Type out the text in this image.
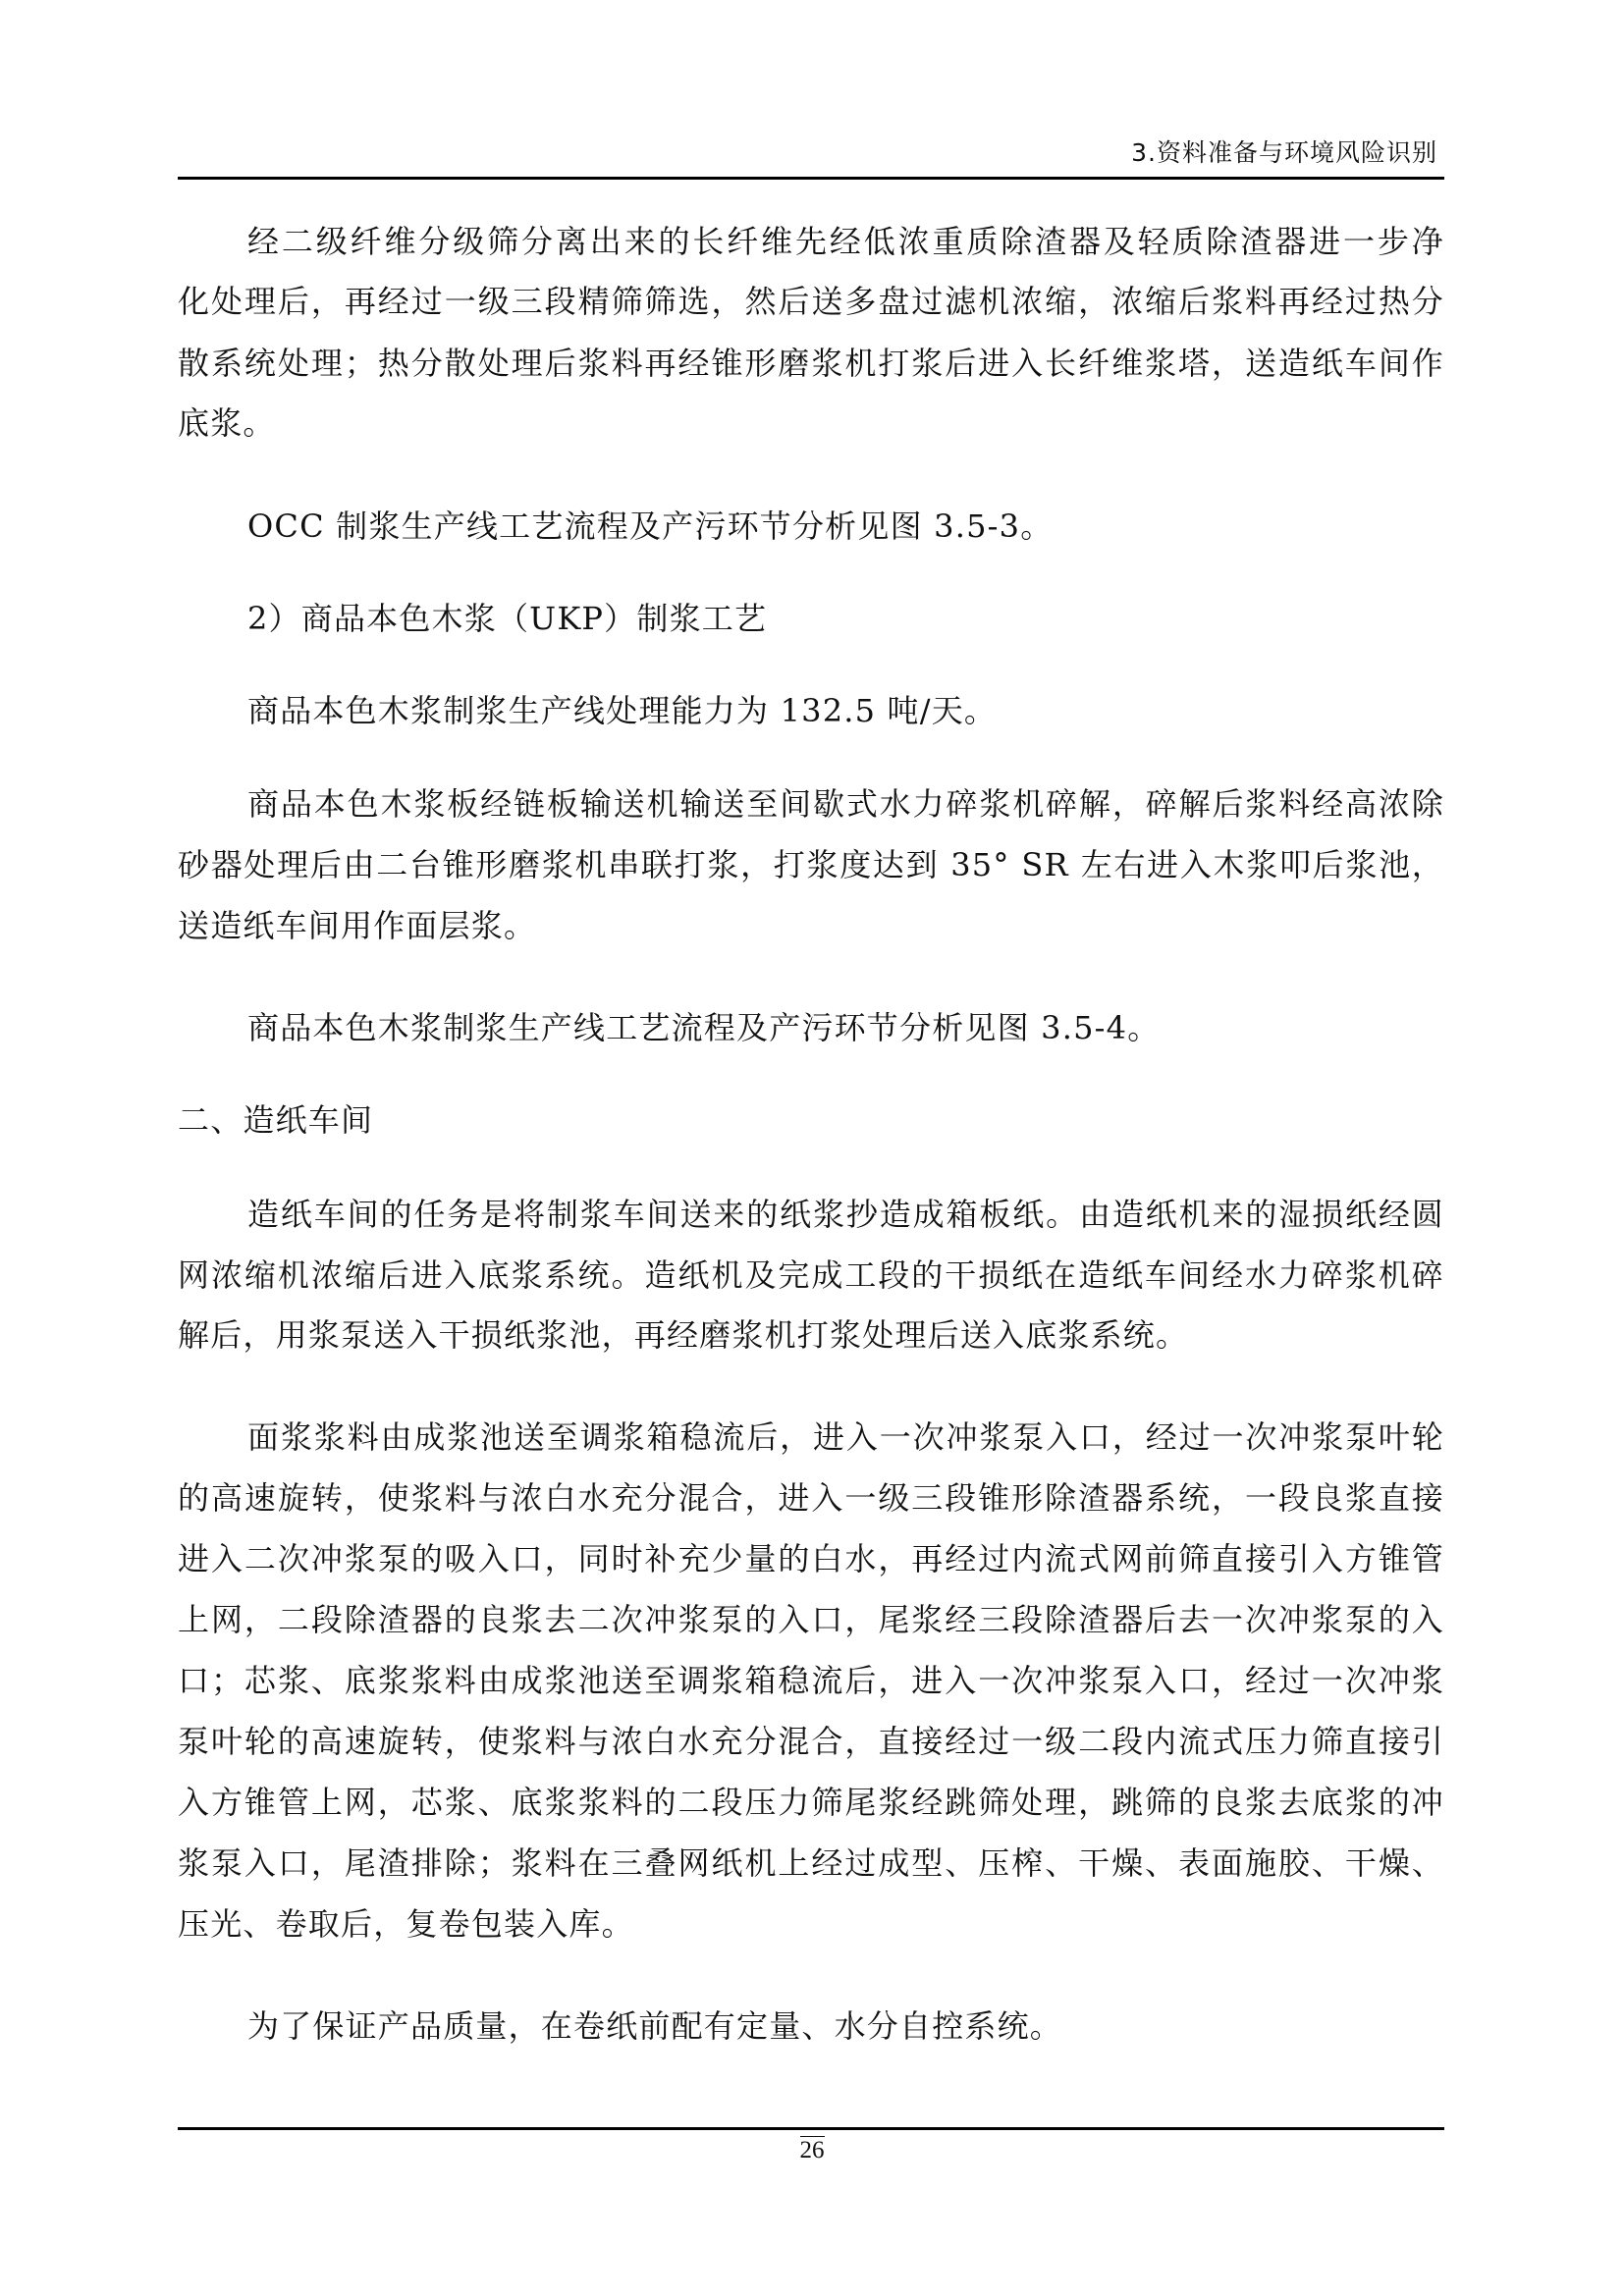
3.资料准备与环境风险识别
经二级纤维分级筛分离出来的长纤维先经低浓重质除渣器及轻质除渣器进一步净
化处理后，再经过一级三段精筛筛选，然后送多盘过滤机浓缩，浓缩后浆料再经过热分
散系统处理；热分散处理后浆料再经锥形磨浆机打浆后进入长纤维浆塔，送造纸车间作
底浆。
OCC 制浆生产线工艺流程及产污环节分析见图 3.5-3。
2）商品本色木浆（UKP）制浆工艺
商品本色木浆制浆生产线处理能力为 132.5 吨/天。
商品本色木浆板经链板输送机输送至间歇式水力碎浆机碎解，碎解后浆料经高浓除
砂器处理后由二台锥形磨浆机串联打浆，打浆度达到 35° SR 左右进入木浆叩后浆池，
送造纸车间用作面层浆。
商品本色木浆制浆生产线工艺流程及产污环节分析见图 3.5-4。
二、造纸车间
造纸车间的任务是将制浆车间送来的纸浆抄造成箱板纸。由造纸机来的湿损纸经圆
网浓缩机浓缩后进入底浆系统。造纸机及完成工段的干损纸在造纸车间经水力碎浆机碎
解后，用浆泵送入干损纸浆池，再经磨浆机打浆处理后送入底浆系统。
面浆浆料由成浆池送至调浆箱稳流后，进入一次冲浆泵入口，经过一次冲浆泵叶轮
的高速旋转，使浆料与浓白水充分混合，进入一级三段锥形除渣器系统，一段良浆直接
进入二次冲浆泵的吸入口，同时补充少量的白水，再经过内流式网前筛直接引入方锥管
上网，二段除渣器的良浆去二次冲浆泵的入口，尾浆经三段除渣器后去一次冲浆泵的入
口；芯浆、底浆浆料由成浆池送至调浆箱稳流后，进入一次冲浆泵入口，经过一次冲浆
泵叶轮的高速旋转，使浆料与浓白水充分混合，直接经过一级二段内流式压力筛直接引
入方锥管上网，芯浆、底浆浆料的二段压力筛尾浆经跳筛处理，跳筛的良浆去底浆的冲
浆泵入口，尾渣排除；浆料在三叠网纸机上经过成型、压榨、干燥、表面施胶、干燥、
压光、卷取后，复卷包装入库。
为了保证产品质量，在卷纸前配有定量、水分自控系统。
26
